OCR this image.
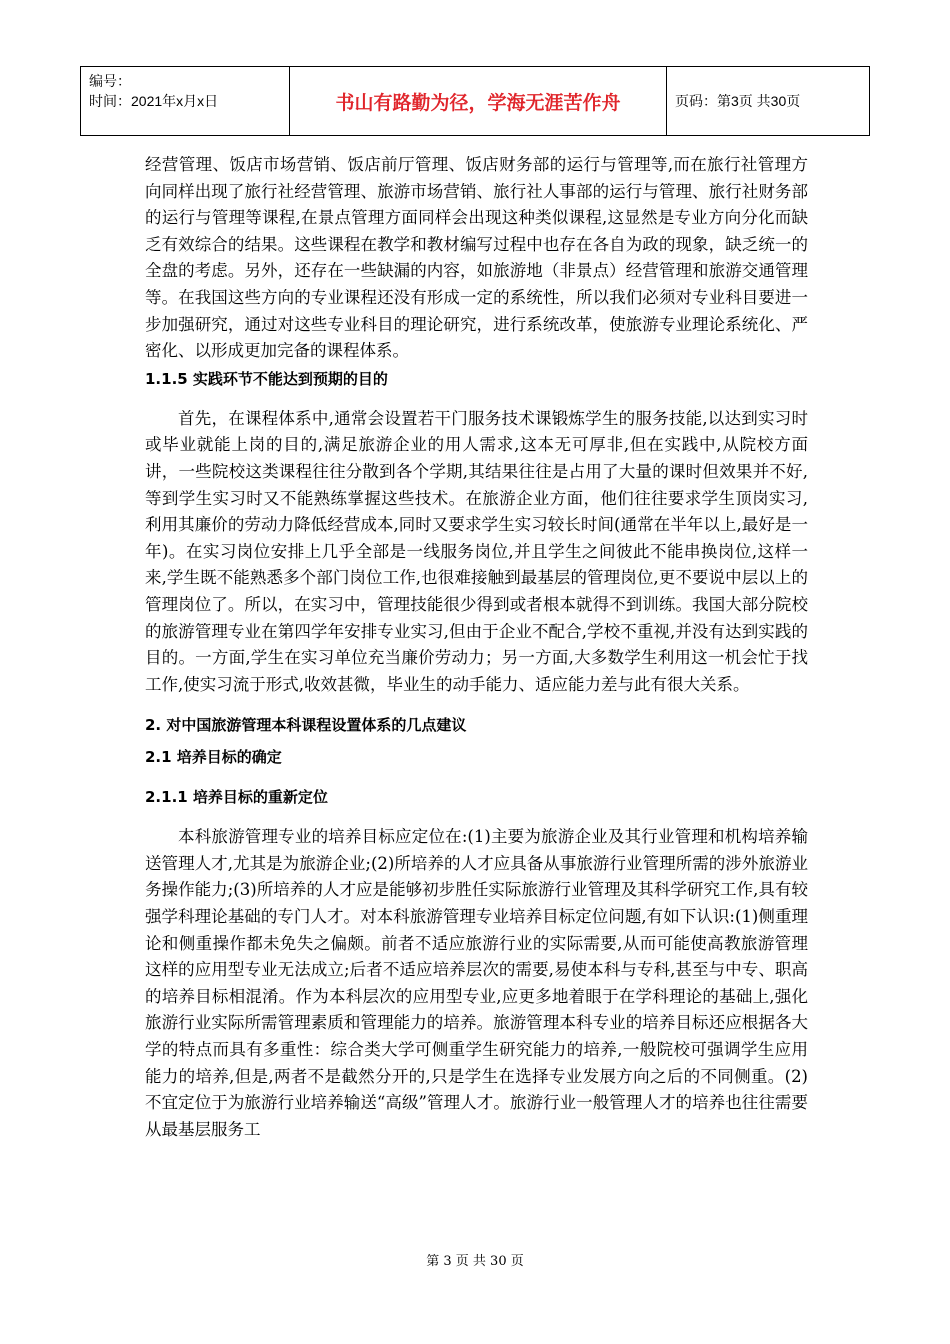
编号：
时间：2021年x月x日	书山有路勤为径，学海无涯苦作舟	页码：第3页 共30页

经营管理、饭店市场营销、饭店前厅管理、饭店财务部的运行与管理等,而在旅行社管理方向同样出现了旅行社经营管理、旅游市场营销、旅行社人事部的运行与管理、旅行社财务部的运行与管理等课程,在景点管理方面同样会出现这种类似课程,这显然是专业方向分化而缺乏有效综合的结果。这些课程在教学和教材编写过程中也存在各自为政的现象，缺乏统一的全盘的考虑。另外，还存在一些缺漏的内容，如旅游地（非景点）经营管理和旅游交通管理等。在我国这些方向的专业课程还没有形成一定的系统性，所以我们必须对专业科目要进一步加强研究，通过对这些专业科目的理论研究，进行系统改革，使旅游专业理论系统化、严密化、以形成更加完备的课程体系。

1.1.5 实践环节不能达到预期的目的

首先，在课程体系中,通常会设置若干门服务技术课锻炼学生的服务技能,以达到实习时或毕业就能上岗的目的,满足旅游企业的用人需求,这本无可厚非,但在实践中,从院校方面讲，一些院校这类课程往往分散到各个学期,其结果往往是占用了大量的课时但效果并不好,等到学生实习时又不能熟练掌握这些技术。在旅游企业方面，他们往往要求学生顶岗实习,利用其廉价的劳动力降低经营成本,同时又要求学生实习较长时间(通常在半年以上,最好是一年)。在实习岗位安排上几乎全部是一线服务岗位,并且学生之间彼此不能串换岗位,这样一来,学生既不能熟悉多个部门岗位工作,也很难接触到最基层的管理岗位,更不要说中层以上的管理岗位了。所以，在实习中，管理技能很少得到或者根本就得不到训练。我国大部分院校的旅游管理专业在第四学年安排专业实习,但由于企业不配合,学校不重视,并没有达到实践的目的。一方面,学生在实习单位充当廉价劳动力；另一方面,大多数学生利用这一机会忙于找工作,使实习流于形式,收效甚微，毕业生的动手能力、适应能力差与此有很大关系。

2. 对中国旅游管理本科课程设置体系的几点建议

2.1 培养目标的确定

2.1.1 培养目标的重新定位

本科旅游管理专业的培养目标应定位在:(1)主要为旅游企业及其行业管理和机构培养输送管理人才,尤其是为旅游企业;(2)所培养的人才应具备从事旅游行业管理所需的涉外旅游业务操作能力;(3)所培养的人才应是能够初步胜任实际旅游行业管理及其科学研究工作,具有较强学科理论基础的专门人才。对本科旅游管理专业培养目标定位问题,有如下认识:(1)侧重理论和侧重操作都未免失之偏颇。前者不适应旅游行业的实际需要,从而可能使高教旅游管理这样的应用型专业无法成立;后者不适应培养层次的需要,易使本科与专科,甚至与中专、职高的培养目标相混淆。作为本科层次的应用型专业,应更多地着眼于在学科理论的基础上,强化旅游行业实际所需管理素质和管理能力的培养。旅游管理本科专业的培养目标还应根据各大学的特点而具有多重性：综合类大学可侧重学生研究能力的培养,一般院校可强调学生应用能力的培养,但是,两者不是截然分开的,只是学生在选择专业发展方向之后的不同侧重。(2)不宜定位于为旅游行业培养输送“高级”管理人才。旅游行业一般管理人才的培养也往往需要从最基层服务工

第 3 页 共 30 页
